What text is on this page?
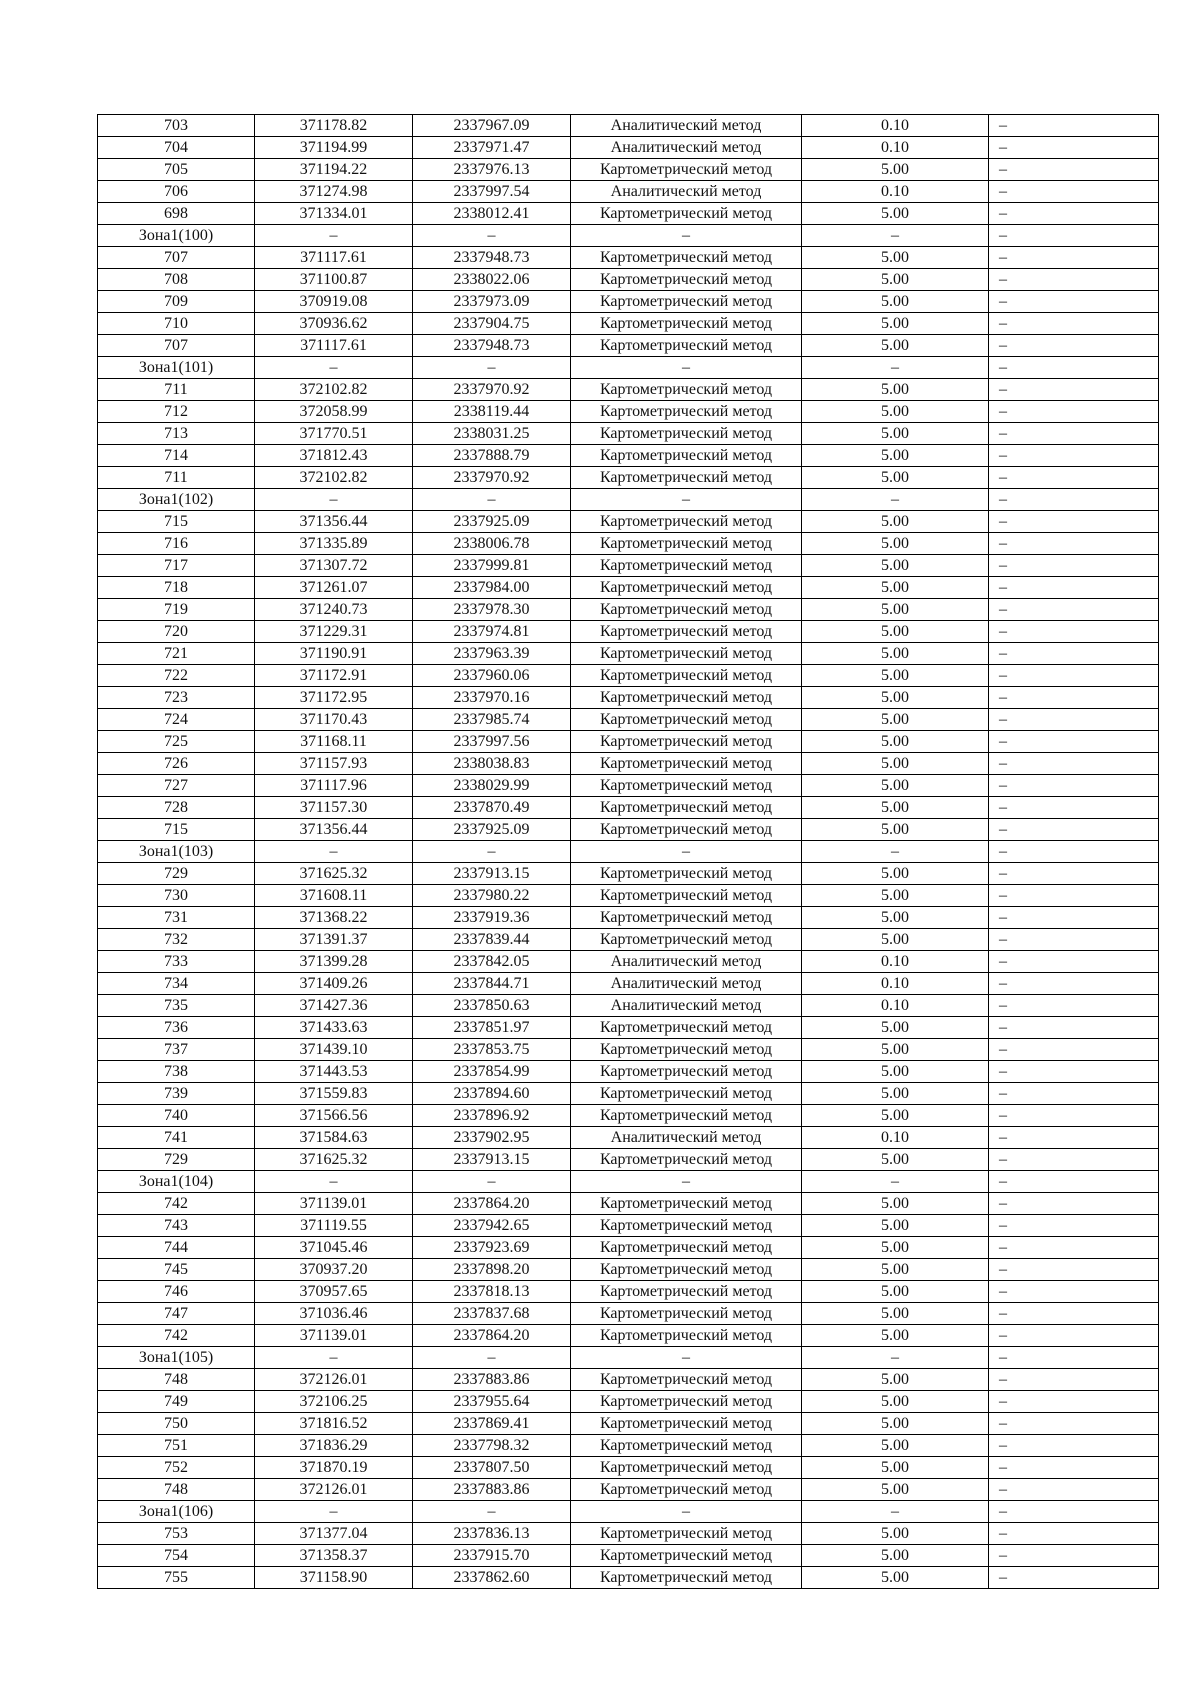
703	371178.82	2337967.09	Аналитический метод	0.10	–
704	371194.99	2337971.47	Аналитический метод	0.10	–
705	371194.22	2337976.13	Картометрический метод	5.00	–
706	371274.98	2337997.54	Аналитический метод	0.10	–
698	371334.01	2338012.41	Картометрический метод	5.00	–
Зона1(100)	–	–	–	–	–
707	371117.61	2337948.73	Картометрический метод	5.00	–
708	371100.87	2338022.06	Картометрический метод	5.00	–
709	370919.08	2337973.09	Картометрический метод	5.00	–
710	370936.62	2337904.75	Картометрический метод	5.00	–
707	371117.61	2337948.73	Картометрический метод	5.00	–
Зона1(101)	–	–	–	–	–
711	372102.82	2337970.92	Картометрический метод	5.00	–
712	372058.99	2338119.44	Картометрический метод	5.00	–
713	371770.51	2338031.25	Картометрический метод	5.00	–
714	371812.43	2337888.79	Картометрический метод	5.00	–
711	372102.82	2337970.92	Картометрический метод	5.00	–
Зона1(102)	–	–	–	–	–
715	371356.44	2337925.09	Картометрический метод	5.00	–
716	371335.89	2338006.78	Картометрический метод	5.00	–
717	371307.72	2337999.81	Картометрический метод	5.00	–
718	371261.07	2337984.00	Картометрический метод	5.00	–
719	371240.73	2337978.30	Картометрический метод	5.00	–
720	371229.31	2337974.81	Картометрический метод	5.00	–
721	371190.91	2337963.39	Картометрический метод	5.00	–
722	371172.91	2337960.06	Картометрический метод	5.00	–
723	371172.95	2337970.16	Картометрический метод	5.00	–
724	371170.43	2337985.74	Картометрический метод	5.00	–
725	371168.11	2337997.56	Картометрический метод	5.00	–
726	371157.93	2338038.83	Картометрический метод	5.00	–
727	371117.96	2338029.99	Картометрический метод	5.00	–
728	371157.30	2337870.49	Картометрический метод	5.00	–
715	371356.44	2337925.09	Картометрический метод	5.00	–
Зона1(103)	–	–	–	–	–
729	371625.32	2337913.15	Картометрический метод	5.00	–
730	371608.11	2337980.22	Картометрический метод	5.00	–
731	371368.22	2337919.36	Картометрический метод	5.00	–
732	371391.37	2337839.44	Картометрический метод	5.00	–
733	371399.28	2337842.05	Аналитический метод	0.10	–
734	371409.26	2337844.71	Аналитический метод	0.10	–
735	371427.36	2337850.63	Аналитический метод	0.10	–
736	371433.63	2337851.97	Картометрический метод	5.00	–
737	371439.10	2337853.75	Картометрический метод	5.00	–
738	371443.53	2337854.99	Картометрический метод	5.00	–
739	371559.83	2337894.60	Картометрический метод	5.00	–
740	371566.56	2337896.92	Картометрический метод	5.00	–
741	371584.63	2337902.95	Аналитический метод	0.10	–
729	371625.32	2337913.15	Картометрический метод	5.00	–
Зона1(104)	–	–	–	–	–
742	371139.01	2337864.20	Картометрический метод	5.00	–
743	371119.55	2337942.65	Картометрический метод	5.00	–
744	371045.46	2337923.69	Картометрический метод	5.00	–
745	370937.20	2337898.20	Картометрический метод	5.00	–
746	370957.65	2337818.13	Картометрический метод	5.00	–
747	371036.46	2337837.68	Картометрический метод	5.00	–
742	371139.01	2337864.20	Картометрический метод	5.00	–
Зона1(105)	–	–	–	–	–
748	372126.01	2337883.86	Картометрический метод	5.00	–
749	372106.25	2337955.64	Картометрический метод	5.00	–
750	371816.52	2337869.41	Картометрический метод	5.00	–
751	371836.29	2337798.32	Картометрический метод	5.00	–
752	371870.19	2337807.50	Картометрический метод	5.00	–
748	372126.01	2337883.86	Картометрический метод	5.00	–
Зона1(106)	–	–	–	–	–
753	371377.04	2337836.13	Картометрический метод	5.00	–
754	371358.37	2337915.70	Картометрический метод	5.00	–
755	371158.90	2337862.60	Картометрический метод	5.00	–
